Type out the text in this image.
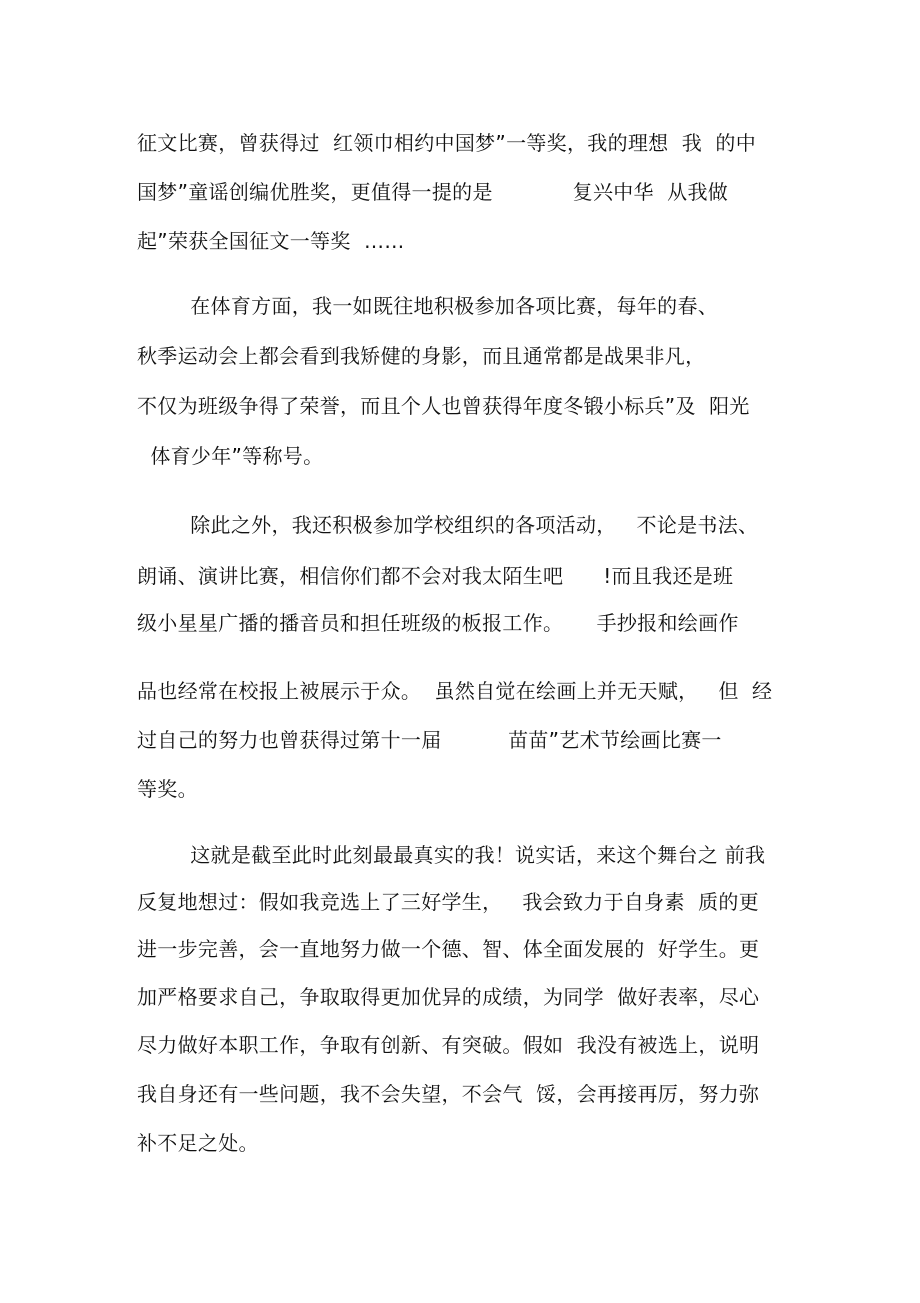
征文比赛，曾获得过  红领巾相约中国梦”一等奖，我的理想  我  的中
国梦”童谣创编优胜奖，更值得一提的是            复兴中华  从我做
起”荣获全国征文一等奖  ……
在体育方面，我一如既往地积极参加各项比赛，每年的春、
秋季运动会上都会看到我矫健的身影，而且通常都是战果非凡，
不仅为班级争得了荣誉，而且个人也曾获得年度冬锻小标兵”及  阳光
体育少年”等称号。
除此之外，我还积极参加学校组织的各项活动，   不论是书法、
朗诵、演讲比赛，相信你们都不会对我太陌生吧      !而且我还是班
级小星星广播的播音员和担任班级的板报工作。     手抄报和绘画作
品也经常在校报上被展示于众。  虽然自觉在绘画上并无天赋，   但  经
过自己的努力也曾获得过第十一届          苗苗”艺术节绘画比赛一
等奖。
这就是截至此时此刻最最真实的我！说实话，来这个舞台之 前我
反复地想过：假如我竞选上了三好学生，   我会致力于自身素  质的更
进一步完善，会一直地努力做一个德、智、体全面发展的  好学生。更
加严格要求自己，争取取得更加优异的成绩，为同学  做好表率，尽心
尽力做好本职工作，争取有创新、有突破。假如  我没有被选上，说明
我自身还有一些问题，我不会失望，不会气  馁，会再接再厉，努力弥
补不足之处。
